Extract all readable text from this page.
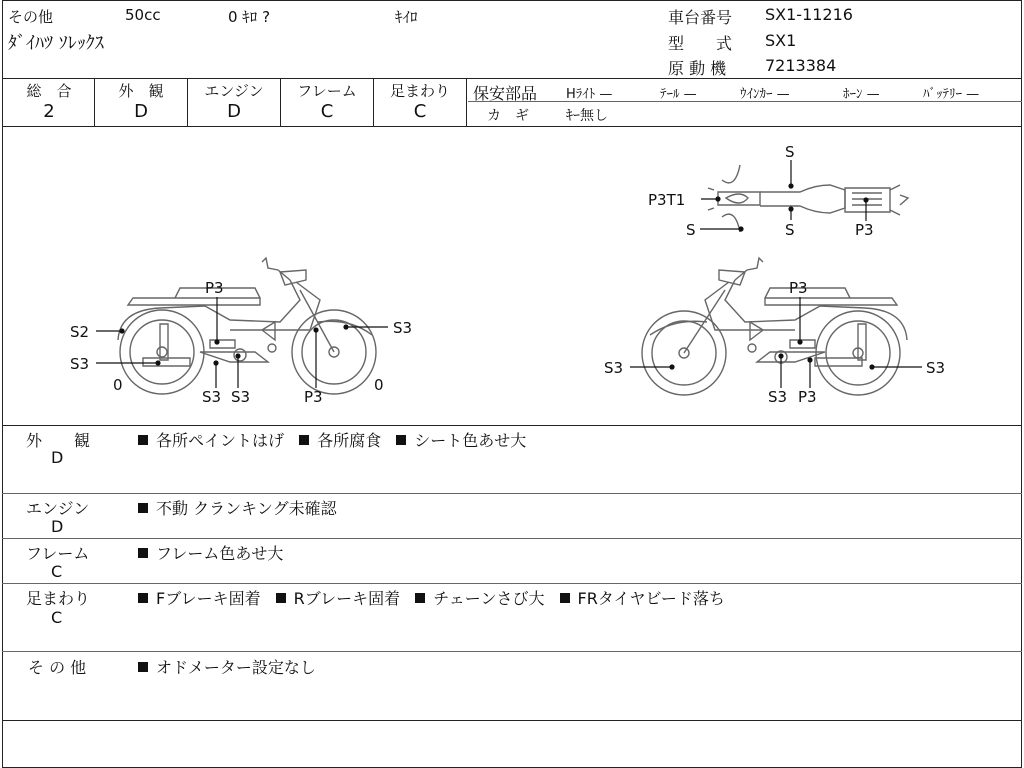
その他	50cc	0 ｷﾛ ?	ｷｲﾛ
ﾀﾞｲﾊﾂ ｿﾚｯｸｽ
車台番号 SX1-11216
型　　式 SX1
原 動 機 7213384
総　合
2
外　観
D
エンジン
D
フレーム
C
足まわり
C
保安部品 Hﾗｲﾄ —	ﾃｰﾙ —	ｳｲﾝｶｰ —	ﾎｰﾝ —	ﾊﾞｯﾃﾘｰ —
カ　ギ	ｷｰ無し
S
P3T1
S	S	P3
P3
S2
S3
S3
0	0
S3 S3	P3
P3
S3	S3
S3 P3
外　　観
D
各所ペイントはげ 各所腐食 シート色あせ大
エンジン
D
不動 クランキング未確認
フレーム
C
フレーム色あせ大
足まわり
C
Fブレーキ固着 Rブレーキ固着 チェーンさび大 FRタイヤビード落ち
そ の 他	オドメーター設定なし
